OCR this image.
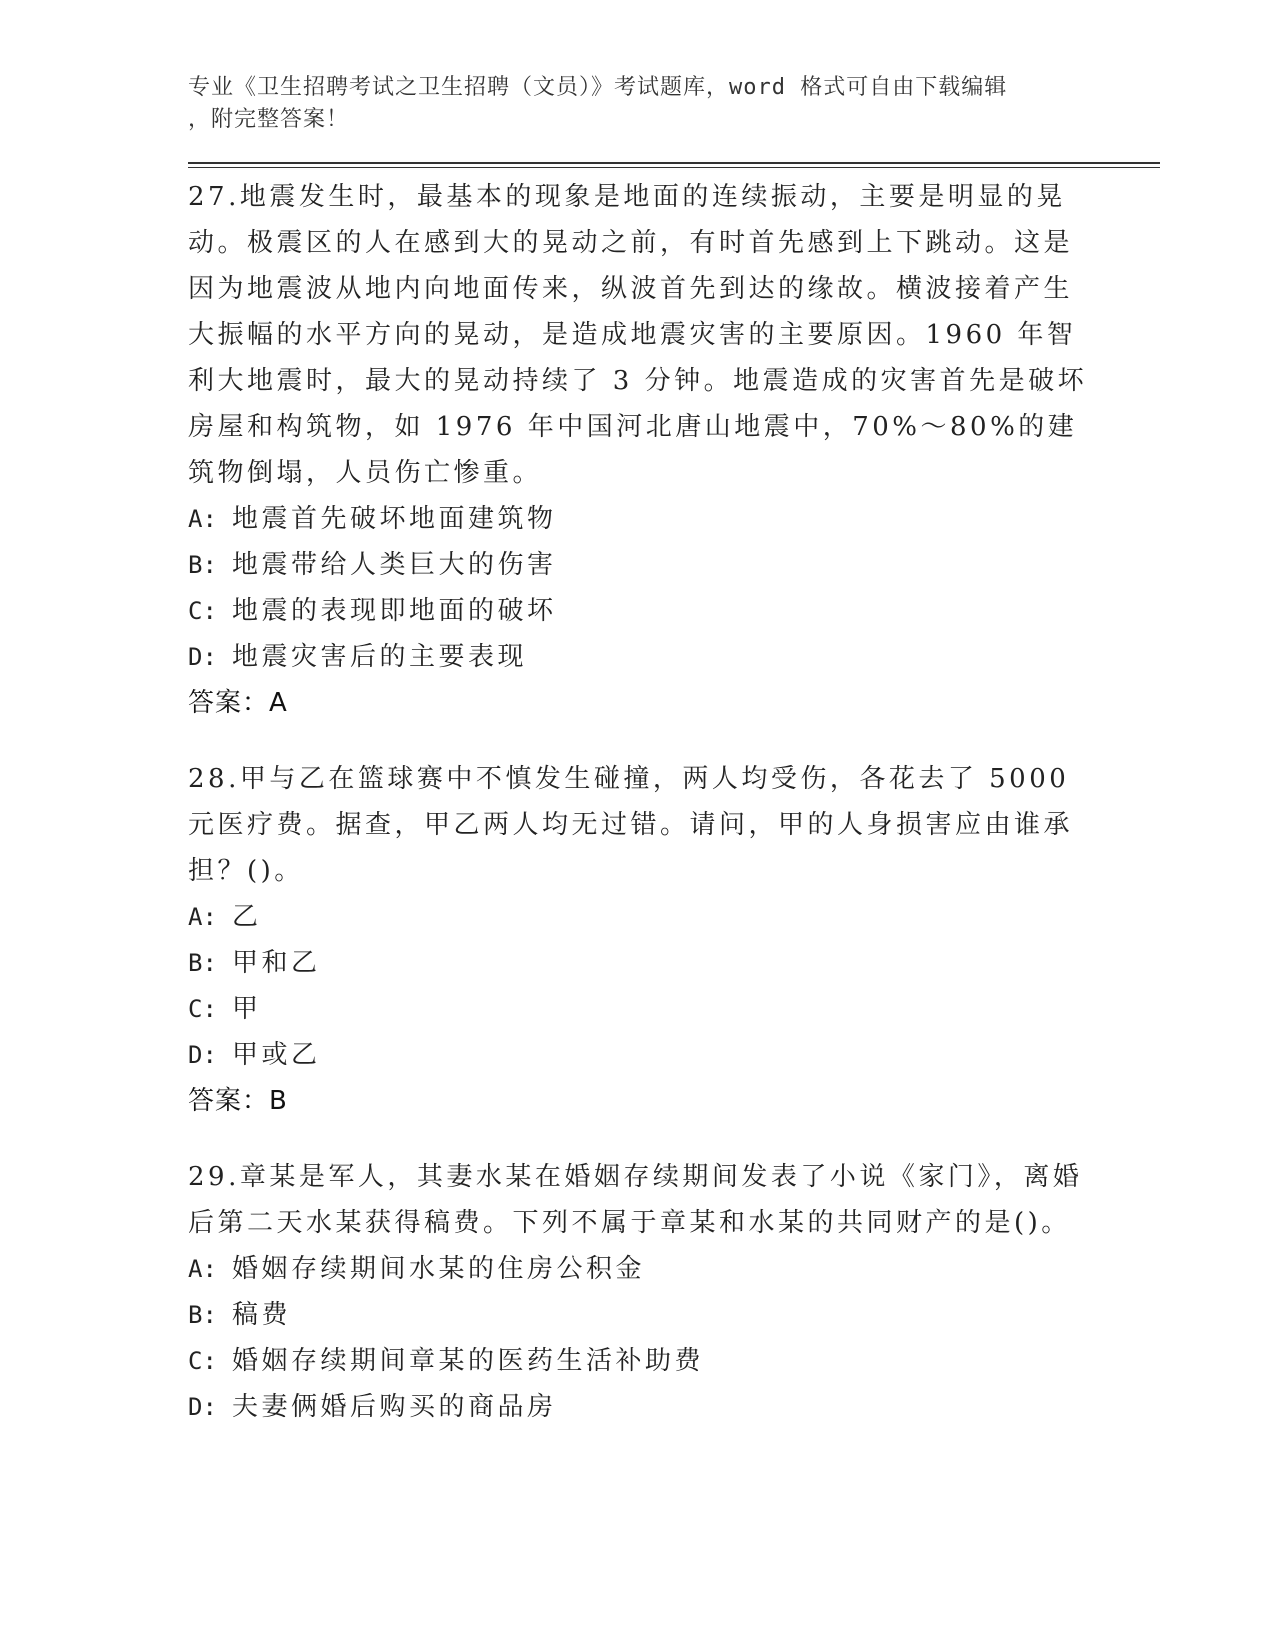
专业《卫生招聘考试之卫生招聘（文员）》考试题库，word 格式可自由下载编辑
，附完整答案！

27.地震发生时，最基本的现象是地面的连续振动，主要是明显的晃动。极震区的人在感到大的晃动之前，有时首先感到上下跳动。这是因为地震波从地内向地面传来，纵波首先到达的缘故。横波接着产生大振幅的水平方向的晃动，是造成地震灾害的主要原因。1960 年智利大地震时，最大的晃动持续了 3 分钟。地震造成的灾害首先是破坏房屋和构筑物，如 1976 年中国河北唐山地震中，70%～80%的建筑物倒塌，人员伤亡惨重。

A: 地震首先破坏地面建筑物

B: 地震带给人类巨大的伤害

C: 地震的表现即地面的破坏

D: 地震灾害后的主要表现

答案：A

28.甲与乙在篮球赛中不慎发生碰撞，两人均受伤，各花去了 5000 元医疗费。据查，甲乙两人均无过错。请问，甲的人身损害应由谁承担？()。

A: 乙

B: 甲和乙

C: 甲

D: 甲或乙

答案：B

29.章某是军人，其妻水某在婚姻存续期间发表了小说《家门》，离婚后第二天水某获得稿费。下列不属于章某和水某的共同财产的是()。

A: 婚姻存续期间水某的住房公积金

B: 稿费

C: 婚姻存续期间章某的医药生活补助费

D: 夫妻俩婚后购买的商品房
